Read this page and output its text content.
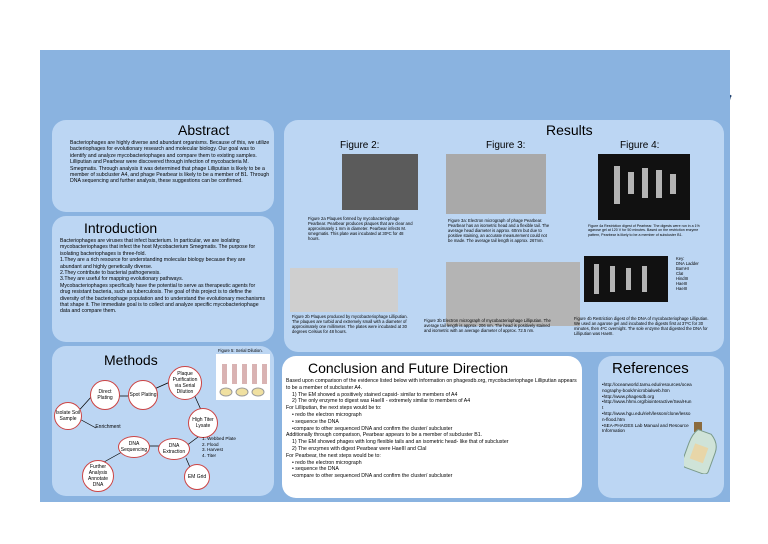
Abstract
Bacteriophages are highly diverse and abundant organisms. Because of this, we utilize bacteriophages for evolutionary research and molecular biology. Our goal was to identify and analyze mycobacteriophages and compare them to existing samples. Lilliputian and Pearbear were discovered through infection of mycobacteria M. Smegmatis. Through analysis it was determined that phage Lilliputian is likely to be a member of subcluster A4, and phage Pearbear is likely to be a member of B1. Through DNA sequencing and further analysis, these suggestions can be confirmed.
Introduction

Bacteriophages are viruses that infect bacterium. In particular, we are isolating mycobacteriophages that infect the host Mycobacterium Smegmatis. The purpose for isolating bacteriophages is three-fold.

1.They are a rich resource for understanding molecular biology because they are abundant and highly genetically diverse.

2.They contribute to bacterial pathogenesis.

3.They are useful for mapping evolutionary pathways.

Mycobacteriophages specifically have the potential to serve as therapeutic agents for drug resistant bacteria, such as tuberculosis. The goal of this project is to define the diversity of the bacteriophage population and to understand the evolutionary mechanisms that shape it. The immediate goal is to collect and analyze specific mycobacteriophage data and compare them.

Methods
Figure 5: Serial Dilution.
Isolate Soil Sample
Direct Plating	Spot Plating
Enrichment
Plaque Purification via Serial Dilution
High Titer Lysate
DNA Sequencing
DNA Extraction
EM Grid
Further Analysis Annotate DNA
1. Webbed Plate
2. Flood
3. Harvest
4. Titer
Results
Figure 2:	Figure 3:	Figure 4:
Figure 2a Plaques formed by mycobacteriophage Pearbear. Pearbear produces plaques that are clear and approximately 1 mm in diameter. Pearbear infects M. smegmatis. This plate was incubated at 30ºC for 48 hours.
Figure 3a: Electron micrograph of phage Pearbear. Pearbear has an isometric head and a flexible tail. The average head diameter is approx. 60nm but due to positive staining, an accurate measurement could not be made. The average tail length is approx. 267nm.
Figure 2b Plaques produced by mycobacteriophage Lilliputian. The plaques are turbid and extremely small with a diameter of approximately one millimeter. The plates were incubated at 30 degrees Celsius for 48 hours.
Figure 3b Electron micrograph of mycobacteriophage Lilliputian. The average tail length is approx. 206 nm. The head is positively stained and isometric with an average diameter of approx. 72.5 nm.
Figure 4a Restriction digest of Pearbear. The digests were run in a 1% agarose gel at 120 V for 50 minutes. Based on the restriction enzyme pattern, Pearbear is likely to be a member of subcluster B1.
Key:
DNA Ladder
BamHI
ClaI
HindIII
HaeIII
HaeIII
Figure 4b Restriction digest of the DNA of mycobacteriophage Lilliputian. We used an agarose gel and incubated the digests first at 37ºC for 30 minutes, then 4ºC overnight. The sole enzyme that digested the DNA for Lilliputian was HaeIII.
Conclusion and Future Direction
Based upon comparison of the evidence listed below with information on phagesdb.org, mycobacteriophage Lilliputian appears to be a member of subcluster A4.
1) The EM showed a positively stained capsid- similar to members of A4
2) The only enzyme to digest was HaeIII - extremely similar to members of A4
For Lilliputian, the next steps would be to:
• redo the electron micrograph
• sequence the DNA
•compare to other sequenced DNA and confirm the cluster/ subcluster
Additionally through comparison, Pearbear appears to be a member of subcluster B1.
1) The EM showed phages with long flexible tails and an isometric head- like that of subcluster
2) The enzymes with digest Pearbear were HaeIII and ClaI
For Pearbear, the next steps would be to:
• redo the electron micrograph
• sequence the DNA
•compare to other sequenced DNA and confirm the cluster/ subcluster
References
•http://oceanworld.tamu.edu/resources/oceanography-book/microbialweb.htm
•http://www.phagesdb.org
•http://www.hhmi.org/biointeractive/Sea/Hunt
•http://www.hgu.edu/rieh/lesson/clone/lesson-flood.htm
•SEA-PHAGES Lab Manual and Resource Information
